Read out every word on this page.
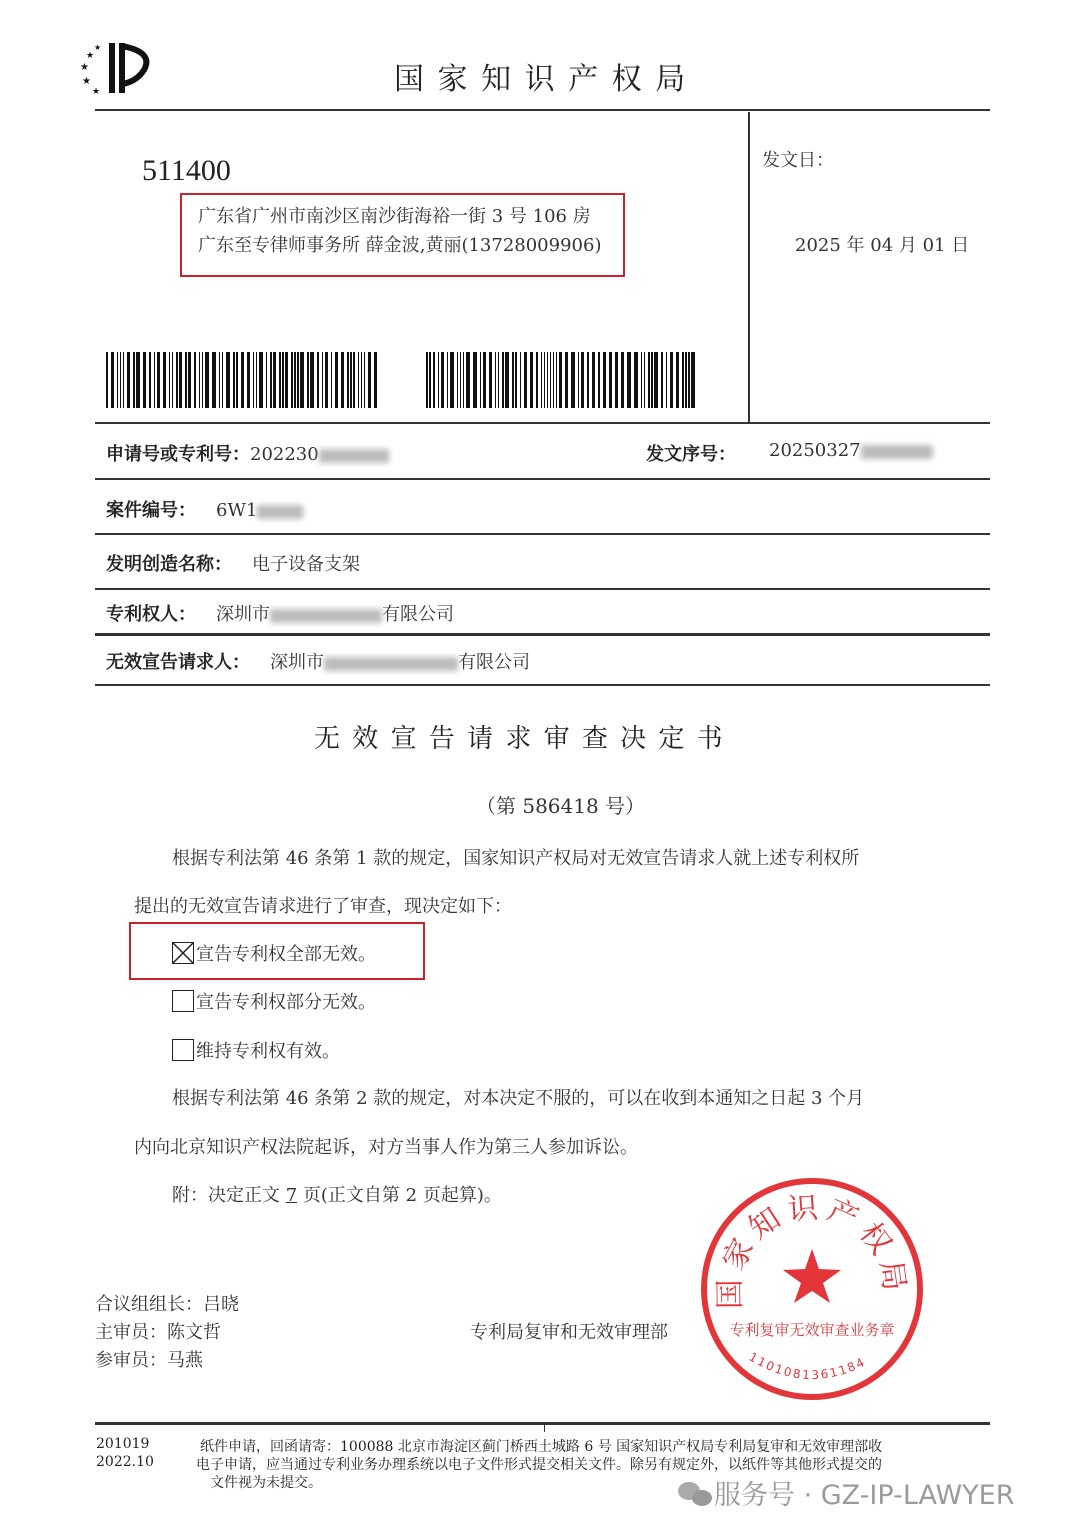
★
★
★
★
★	国 家 知 识 产 权 局
511400
广东省广州市南沙区南沙街海裕一街 3 号 106 房
广东至专律师事务所 薛金波,黄丽(13728009906)
发文日：
2025 年 04 月 01 日
申请号或专利号：202230	发文序号： 20250327
案件编号： 6W1
发明创造名称： 电子设备支架
专利权人： 深圳市	有限公司
无效宣告请求人： 深圳市	有限公司
无 效 宣 告 请 求 审 查 决 定 书
（第 586418 号）
根据专利法第 46 条第 1 款的规定，国家知识产权局对无效宣告请求人就上述专利权所
提出的无效宣告请求进行了审查，现决定如下：
宣告专利权全部无效。
宣告专利权部分无效。
维持专利权有效。
根据专利法第 46 条第 2 款的规定，对本决定不服的，可以在收到本通知之日起 3 个月
内向北京知识产权法院起诉，对方当事人作为第三人参加诉讼。
附：决定正文 7 页(正文自第 2 页起算)。
合议组组长：吕晓
主审员：陈文哲
参审员：马燕
专利局复审和无效审理部
国家知识产权局
专利复审无效审查业务章
1101081361184
201019
2022.10
纸件申请，回函请寄：100088 北京市海淀区蓟门桥西土城路 6 号 国家知识产权局专利局复审和无效审理部收
电子申请，应当通过专利业务办理系统以电子文件形式提交相关文件。除另有规定外，以纸件等其他形式提交的
文件视为未提交。	服务号 · GZ-IP-LAWYER
